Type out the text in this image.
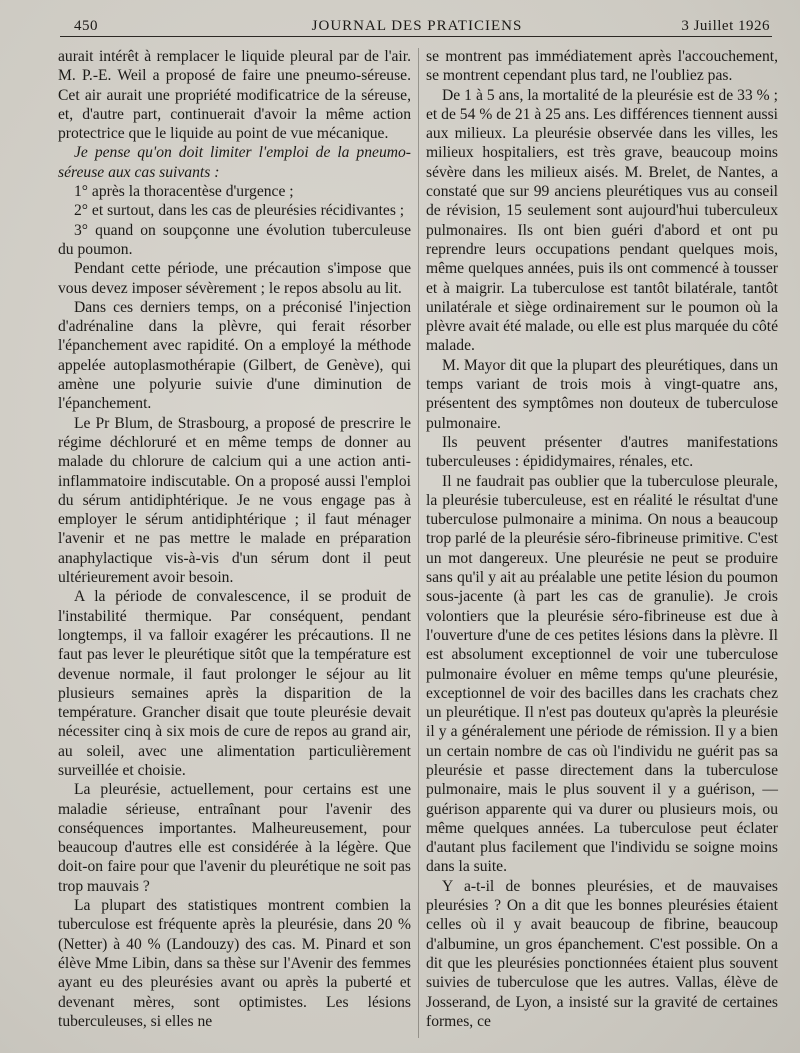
450	JOURNAL DES PRATICIENS	3 Juillet 1926

aurait intérêt à remplacer le liquide pleural par de l'air. M. P.-E. Weil a proposé de faire une pneumo-séreuse. Cet air aurait une propriété modificatrice de la séreuse, et, d'autre part, continuerait d'avoir la même action protectrice que le liquide au point de vue mécanique.

Je pense qu'on doit limiter l'emploi de la pneumo-séreuse aux cas suivants :

1° après la thoracentèse d'urgence ;

2° et surtout, dans les cas de pleurésies récidivantes ;

3° quand on soupçonne une évolution tuberculeuse du poumon.

Pendant cette période, une précaution s'impose que vous devez imposer sévèrement ; le repos absolu au lit.

Dans ces derniers temps, on a préconisé l'injection d'adrénaline dans la plèvre, qui ferait résorber l'épanchement avec rapidité. On a employé la méthode appelée autoplasmothérapie (Gilbert, de Genève), qui amène une polyurie suivie d'une diminution de l'épanchement.

Le Pr Blum, de Strasbourg, a proposé de prescrire le régime déchloruré et en même temps de donner au malade du chlorure de calcium qui a une action anti-inflammatoire indiscutable. On a proposé aussi l'emploi du sérum antidiphtérique. Je ne vous engage pas à employer le sérum antidiphtérique ; il faut ménager l'avenir et ne pas mettre le malade en préparation anaphylactique vis-à-vis d'un sérum dont il peut ultérieurement avoir besoin.

A la période de convalescence, il se produit de l'instabilité thermique. Par conséquent, pendant longtemps, il va falloir exagérer les précautions. Il ne faut pas lever le pleurétique sitôt que la température est devenue normale, il faut prolonger le séjour au lit plusieurs semaines après la disparition de la température. Grancher disait que toute pleurésie devait nécessiter cinq à six mois de cure de repos au grand air, au soleil, avec une alimentation particulièrement surveillée et choisie.

La pleurésie, actuellement, pour certains est une maladie sérieuse, entraînant pour l'avenir des conséquences importantes. Malheureusement, pour beaucoup d'autres elle est considérée à la légère. Que doit-on faire pour que l'avenir du pleurétique ne soit pas trop mauvais ?

La plupart des statistiques montrent combien la tuberculose est fréquente après la pleurésie, dans 20 % (Netter) à 40 % (Landouzy) des cas. M. Pinard et son élève Mme Libin, dans sa thèse sur l'Avenir des femmes ayant eu des pleurésies avant ou après la puberté et devenant mères, sont optimistes. Les lésions tuberculeuses, si elles ne

se montrent pas immédiatement après l'accouchement, se montrent cependant plus tard, ne l'oubliez pas.

De 1 à 5 ans, la mortalité de la pleurésie est de 33 % ; et de 54 % de 21 à 25 ans. Les différences tiennent aussi aux milieux. La pleurésie observée dans les villes, les milieux hospitaliers, est très grave, beaucoup moins sévère dans les milieux aisés. M. Brelet, de Nantes, a constaté que sur 99 anciens pleurétiques vus au conseil de révision, 15 seulement sont aujourd'hui tuberculeux pulmonaires. Ils ont bien guéri d'abord et ont pu reprendre leurs occupations pendant quelques mois, même quelques années, puis ils ont commencé à tousser et à maigrir. La tuberculose est tantôt bilatérale, tantôt unilatérale et siège ordinairement sur le poumon où la plèvre avait été malade, ou elle est plus marquée du côté malade.

M. Mayor dit que la plupart des pleurétiques, dans un temps variant de trois mois à vingt-quatre ans, présentent des symptômes non douteux de tuberculose pulmonaire.

Ils peuvent présenter d'autres manifestations tuberculeuses : épididymaires, rénales, etc.

Il ne faudrait pas oublier que la tuberculose pleurale, la pleurésie tuberculeuse, est en réalité le résultat d'une tuberculose pulmonaire a minima. On nous a beaucoup trop parlé de la pleurésie séro-fibrineuse primitive. C'est un mot dangereux. Une pleurésie ne peut se produire sans qu'il y ait au préalable une petite lésion du poumon sous-jacente (à part les cas de granulie). Je crois volontiers que la pleurésie séro-fibrineuse est due à l'ouverture d'une de ces petites lésions dans la plèvre. Il est absolument exceptionnel de voir une tuberculose pulmonaire évoluer en même temps qu'une pleurésie, exceptionnel de voir des bacilles dans les crachats chez un pleurétique. Il n'est pas douteux qu'après la pleurésie il y a généralement une période de rémission. Il y a bien un certain nombre de cas où l'individu ne guérit pas sa pleurésie et passe directement dans la tuberculose pulmonaire, mais le plus souvent il y a guérison, — guérison apparente qui va durer ou plusieurs mois, ou même quelques années. La tuberculose peut éclater d'autant plus facilement que l'individu se soigne moins dans la suite.

Y a-t-il de bonnes pleurésies, et de mauvaises pleurésies ? On a dit que les bonnes pleurésies étaient celles où il y avait beaucoup de fibrine, beaucoup d'albumine, un gros épanchement. C'est possible. On a dit que les pleurésies ponctionnées étaient plus souvent suivies de tuberculose que les autres. Vallas, élève de Josserand, de Lyon, a insisté sur la gravité de certaines formes, ce
